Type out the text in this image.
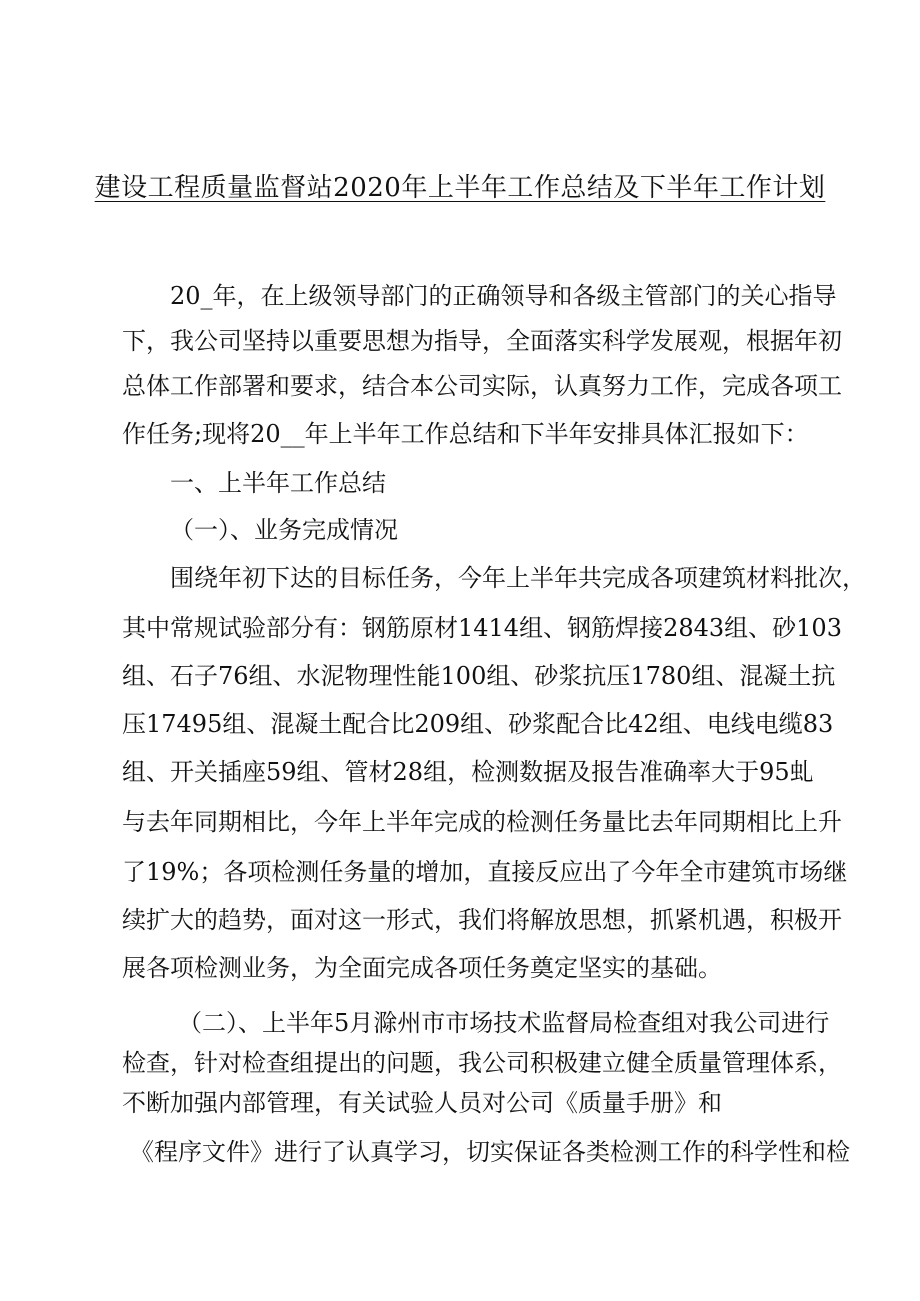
建设工程质量监督站2020年上半年工作总结及下半年工作计划
20_年，在上级领导部门的正确领导和各级主管部门的关心指导
下，我公司坚持以重要思想为指导，全面落实科学发展观，根据年初
总体工作部署和要求，结合本公司实际，认真努力工作，完成各项工
作任务;现将20__年上半年工作总结和下半年安排具体汇报如下：
一、上半年工作总结
（一）、业务完成情况
围绕年初下达的目标任务，今年上半年共完成各项建筑材料批次，
其中常规试验部分有：钢筋原材1414组、钢筋焊接2843组、砂103
组、石子76组、水泥物理性能100组、砂浆抗压1780组、混凝土抗
压17495组、混凝土配合比209组、砂浆配合比42组、电线电缆83
组、开关插座59组、管材28组，检测数据及报告准确率大于95虬
与去年同期相比，今年上半年完成的检测任务量比去年同期相比上升
了19%；各项检测任务量的增加，直接反应出了今年全市建筑市场继
续扩大的趋势，面对这一形式，我们将解放思想，抓紧机遇，积极开
展各项检测业务，为全面完成各项任务奠定坚实的基础。
（二）、上半年5月滁州市市场技术监督局检查组对我公司进行
检查，针对检查组提出的问题，我公司积极建立健全质量管理体系，
不断加强内部管理，有关试验人员对公司《质量手册》和
《程序文件》进行了认真学习，切实保证各类检测工作的科学性和检
